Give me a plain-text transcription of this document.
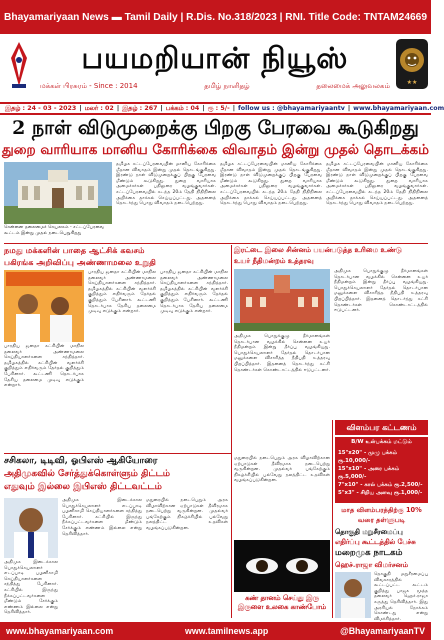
Bhayamariyaan News ▬ Tamil Daily | R.Dis. No.318/2023 | RNI. Title Code: TNTAM24669
பயமறியான் நியூஸ்
★★
மக்கள் பிரசுரம் - Since : 2014	தமிழ் நாளிதழ்	தலைமைக் அலுவலகம்
இதழ் : 24 - 03 - 2023 | மலர் : 02 | இதழ் : 267 | பக்கம் : 04 | ரூ : 5/- | follow us : @bhayamariyaantv | www.bhayamariyaan.com
2 நாள் விடுமுறைக்கு பிறகு பேரவை கூடுகிறது
துறை வாரியாக மானிய கோரிக்கை விவாதம் இன்று முதல் தொடக்கம்
சென்னை தலைமைச் செயலகம் - சட்டப்பேரவை கூட்டம் இன்று முதல் நடைபெறுகிறது
தமிழக சட்டப்பேரவையின் மானிய கோரிக்கை மீதான விவாதம் இன்று முதல் தொடங்குகிறது. இரண்டு நாள் விடுமுறைக்குப் பிறகு பேரவை மீண்டும் கூடுகிறது. துறை வாரியாக அமைச்சர்கள் பதிலுரை வழங்குவார்கள். சட்டப்பேரவையில் கடந்த 20ம் தேதி நிதிநிலை அறிக்கை தாக்கல் செய்யப்பட்டது. அதனைத் தொடர்ந்து பொது விவாதம் நடைபெற்றது.
தமிழக சட்டப்பேரவையின் மானிய கோரிக்கை மீதான விவாதம் இன்று முதல் தொடங்குகிறது. இரண்டு நாள் விடுமுறைக்குப் பிறகு பேரவை மீண்டும் கூடுகிறது. துறை வாரியாக அமைச்சர்கள் பதிலுரை வழங்குவார்கள். சட்டப்பேரவையில் கடந்த 20ம் தேதி நிதிநிலை அறிக்கை தாக்கல் செய்யப்பட்டது. அதனைத் தொடர்ந்து பொது விவாதம் நடைபெற்றது.
தமிழக சட்டப்பேரவையின் மானிய கோரிக்கை மீதான விவாதம் இன்று முதல் தொடங்குகிறது. இரண்டு நாள் விடுமுறைக்குப் பிறகு பேரவை மீண்டும் கூடுகிறது. துறை வாரியாக அமைச்சர்கள் பதிலுரை வழங்குவார்கள். சட்டப்பேரவையில் கடந்த 20ம் தேதி நிதிநிலை அறிக்கை தாக்கல் செய்யப்பட்டது. அதனைத் தொடர்ந்து பொது விவாதம் நடைபெற்றது.
நமது மக்களின் பாதை ஆட்சிக் கவசம்
பகிரங்க அறிவிப்பு அண்ணாமலை உறுதி
பாரதிய ஜனதா கட்சியின் மாநில தலைவர் அண்ணாமலை செய்தியாளர்களை சந்தித்தார். தமிழகத்தில் கட்சியின் வளர்ச்சி குறித்தும் எதிர்வரும் தேர்தல் குறித்தும் பேசினார். கூட்டணி தொடர்பாக தேசிய தலைமை முடிவு எடுக்கும் என்றார்.
பாரதிய ஜனதா கட்சியின் மாநில தலைவர் அண்ணாமலை செய்தியாளர்களை சந்தித்தார். தமிழகத்தில் கட்சியின் வளர்ச்சி குறித்தும் எதிர்வரும் தேர்தல் குறித்தும் பேசினார். கூட்டணி தொடர்பாக தேசிய தலைமை முடிவு எடுக்கும் என்றார்.
பாரதிய ஜனதா கட்சியின் மாநில தலைவர் அண்ணாமலை செய்தியாளர்களை சந்தித்தார். தமிழகத்தில் கட்சியின் வளர்ச்சி குறித்தும் எதிர்வரும் தேர்தல் குறித்தும் பேசினார். கூட்டணி தொடர்பாக தேசிய தலைமை முடிவு எடுக்கும் என்றார்.
இரட்டை இலை சின்னம் பயன்படுத்த உரிமை உண்டு
உயர் நீதிமன்றம் உத்தரவு
அதிமுக பொதுக்குழு தீர்மானங்கள் தொடர்பான வழக்கில் சென்னை உயர் நீதிமன்றம் இன்று தீர்ப்பு வழங்கியது. பொதுச்செயலாளர் தேர்தல் தொடர்பான மனுக்களை விசாரித்த நீதிபதி உத்தரவு பிறப்பித்தார். இதனைத் தொடர்ந்து கட்சி தொண்டர்கள் கொண்டாட்டத்தில் ஈடுபட்டனர்.
அதிமுக பொதுக்குழு தீர்மானங்கள் தொடர்பான வழக்கில் சென்னை உயர் நீதிமன்றம் இன்று தீர்ப்பு வழங்கியது. பொதுச்செயலாளர் தேர்தல் தொடர்பான மனுக்களை விசாரித்த நீதிபதி உத்தரவு பிறப்பித்தார். இதனைத் தொடர்ந்து கட்சி தொண்டர்கள் கொண்டாட்டத்தில் ஈடுபட்டனர்.
விளம்பர கட்டணம்
B/W உள்பக்கம் மட்டும்
15"x20" - முழு பக்கம் ரூ.10,000/-
15"x10" - அரை பக்கம் ரூ.5,000/-
7"x10" - கால் பக்கம் ரூ.2,500/-
5"x3" - சிறிய அளவு ரூ.1,000/-
மாத விளம்பரத்திற்கு 10% வரை தள்ளுபடி
சசிகலா, டிடிவி, ஓபிஎஸ் ஆகியோரை
அதிமுகவில் சேர்த்துக்கொள்ளும் திட்டம்
எதுவும் இல்லை இபிஎஸ் திட்டவட்டம்
அதிமுக இடைக்கால பொதுச்செயலாளர் எடப்பாடி பழனிசாமி செய்தியாளர்களை சந்தித்து பேசினார். கட்சியில் இருந்து நீக்கப்பட்டவர்களை மீண்டும் சேர்க்கும் எண்ணம் இல்லை என்று தெரிவித்தார்.
அதிமுக இடைக்கால பொதுச்செயலாளர் எடப்பாடி பழனிசாமி செய்தியாளர்களை சந்தித்து பேசினார். கட்சியில் இருந்து நீக்கப்பட்டவர்களை மீண்டும் சேர்க்கும் எண்ணம் இல்லை என்று தெரிவித்தார்.
மதுரையில் நடைபெறும் அரசு விழாவிற்கான ஏற்பாடுகள் தீவிரமாக நடைபெற்று வருகின்றன. முதல்வர் பங்கேற்கும் நிகழ்ச்சியில் பல்வேறு நலத்திட்ட உதவிகள் வழங்கப்படுகின்றன.
கண் தானம் செய்து இரு இருளை உலகை காண்போம்
மதுரையில் நடைபெறும் அரசு விழாவிற்கான ஏற்பாடுகள் தீவிரமாக நடைபெற்று வருகின்றன. முதல்வர் பங்கேற்கும் நிகழ்ச்சியில் பல்வேறு நலத்திட்ட உதவிகள் வழங்கப்படுகின்றன.
தொகுதி மறுசீரமைப்பு
எதிர்ப்பு கூட்டத்தில் பேச்சு
மறைமுக நாடகம்
ஹெச்.ராஜா விமர்சனம்
தொகுதி மறுசீரமைப்பு விவகாரத்தில் கூட்டப்பட்ட கூட்டம் குறித்து பாஜக மூத்த தலைவர் ஹெச்.ராஜா கருத்து தெரிவித்தார். இது அரசியல் நோக்கம் கொண்டது என்று விமர்சித்தார்.
www.bhayamariyaan.com	www.tamilnews.app	@BhayamariyaanTV
